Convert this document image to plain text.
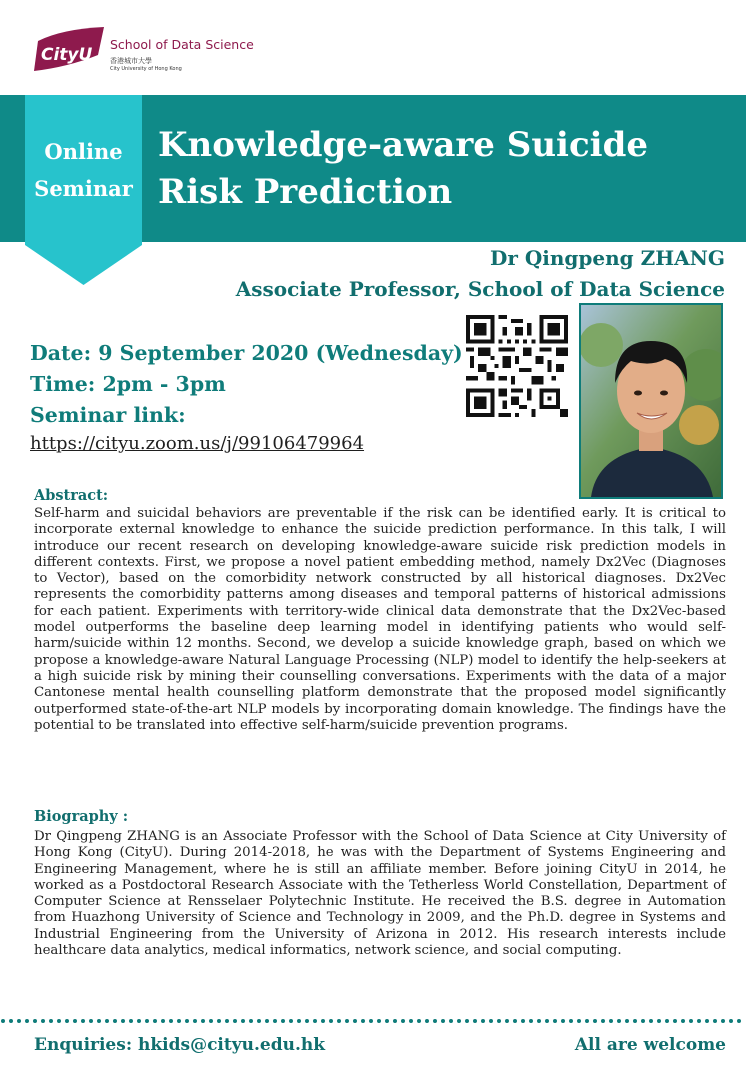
CityU
School of Data Science
香港城市大學
City University of Hong Kong
Online
Seminar
Knowledge-aware Suicide
Risk Prediction
Dr Qingpeng ZHANG
Associate Professor, School of Data Science
Date: 9 September 2020 (Wednesday)
Time: 2pm - 3pm
Seminar link:
https://cityu.zoom.us/j/99106479964
Abstract:

Self-harm and suicidal behaviors are preventable if the risk can be identified early. It is critical to incorporate external knowledge to enhance the suicide prediction performance. In this talk, I will introduce our recent research on developing knowledge-aware suicide risk prediction models in different contexts. First, we propose a novel patient embedding method, namely Dx2Vec (Diagnoses to Vector), based on the comorbidity network constructed by all historical diagnoses. Dx2Vec represents the comorbidity patterns among diseases and temporal patterns of historical admissions for each patient. Experiments with territory-wide clinical data demonstrate that the Dx2Vec-based model outperforms the baseline deep learning model in identifying patients who would self-harm/suicide within 12 months. Second, we develop a suicide knowledge graph, based on which we propose a knowledge-aware Natural Language Processing (NLP) model to identify the help-seekers at a high suicide risk by mining their counselling conversations. Experiments with the data of a major Cantonese mental health counselling platform demonstrate that the proposed model significantly outperformed state-of-the-art NLP models by incorporating domain knowledge. The findings have the potential to be translated into effective self-harm/suicide prevention programs.

Biography :

Dr Qingpeng ZHANG is an Associate Professor with the School of Data Science at City University of Hong Kong (CityU). During 2014-2018, he was with the Department of Systems Engineering and Engineering Management, where he is still an affiliate member. Before joining CityU in 2014, he worked as a Postdoctoral Research Associate with the Tetherless World Constellation, Department of Computer Science at Rensselaer Polytechnic Institute. He received the B.S. degree in Automation from Huazhong University of Science and Technology in 2009, and the Ph.D. degree in Systems and Industrial Engineering from the University of Arizona in 2012. His research interests include healthcare data analytics, medical informatics, network science, and social computing.

Enquiries: hkids@cityu.edu.hk	All are welcome
